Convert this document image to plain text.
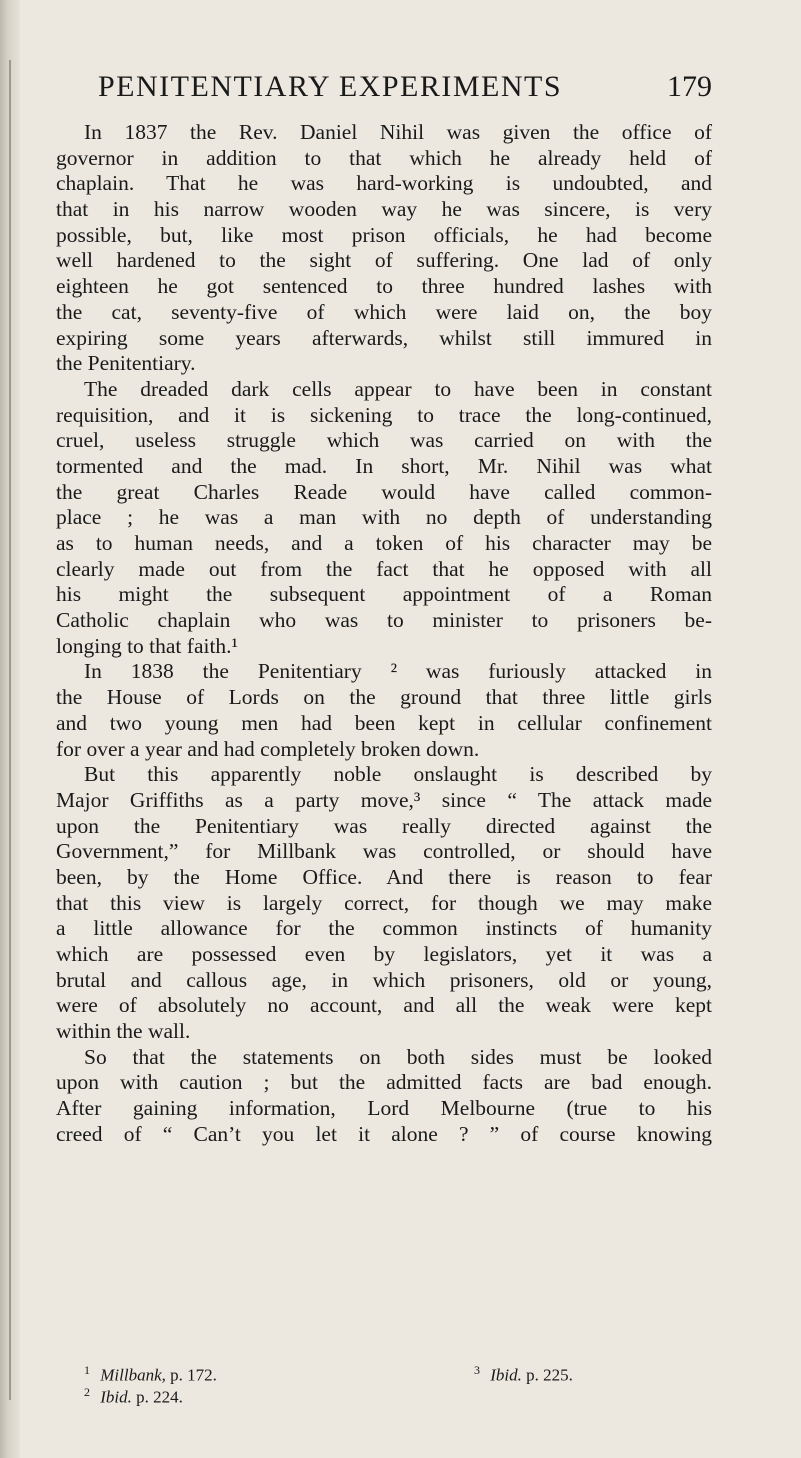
PENITENTIARY EXPERIMENTS	179
In 1837 the Rev. Daniel Nihil was given the office of
governor in addition to that which he already held of
chaplain. That he was hard-working is undoubted, and
that in his narrow wooden way he was sincere, is very
possible, but, like most prison officials, he had become
well hardened to the sight of suffering. One lad of only
eighteen he got sentenced to three hundred lashes with
the cat, seventy-five of which were laid on, the boy
expiring some years afterwards, whilst still immured in
the Penitentiary.
The dreaded dark cells appear to have been in constant
requisition, and it is sickening to trace the long-continued,
cruel, useless struggle which was carried on with the
tormented and the mad. In short, Mr. Nihil was what
the great Charles Reade would have called common-
place ; he was a man with no depth of understanding
as to human needs, and a token of his character may be
clearly made out from the fact that he opposed with all
his might the subsequent appointment of a Roman
Catholic chaplain who was to minister to prisoners be-
longing to that faith.¹
In 1838 the Penitentiary ² was furiously attacked in
the House of Lords on the ground that three little girls
and two young men had been kept in cellular confinement
for over a year and had completely broken down.
But this apparently noble onslaught is described by
Major Griffiths as a party move,³ since “ The attack made
upon the Penitentiary was really directed against the
Government,” for Millbank was controlled, or should have
been, by the Home Office. And there is reason to fear
that this view is largely correct, for though we may make
a little allowance for the common instincts of humanity
which are possessed even by legislators, yet it was a
brutal and callous age, in which prisoners, old or young,
were of absolutely no account, and all the weak were kept
within the wall.
So that the statements on both sides must be looked
upon with caution ; but the admitted facts are bad enough.
After gaining information, Lord Melbourne (true to his
creed of “ Can’t you let it alone ? ” of course knowing
$^1$ Millbank, p. 172.	$^3$ Ibid. p. 225.
$^2$ Ibid. p. 224.
